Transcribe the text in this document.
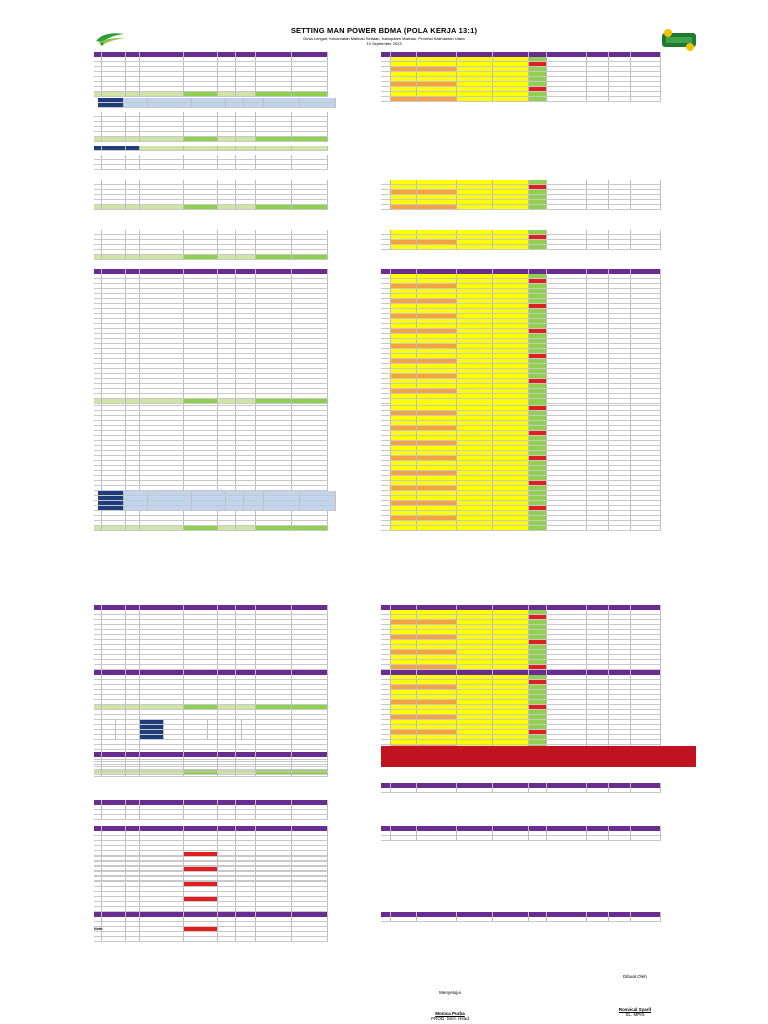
SETTING MAN POWER BDMA (POLA KERJA 13:1)
Desa Lengue, Kecamatan Malinau Selatan, Kabupaten Malinau, Provinsi Kalimantan Utara
10 September 2023
Note:
Menyetujui
Monica Purba
PROD. Sect. Head
Dibuat Oleh
Rosvical Syarif
SL. MPIS
